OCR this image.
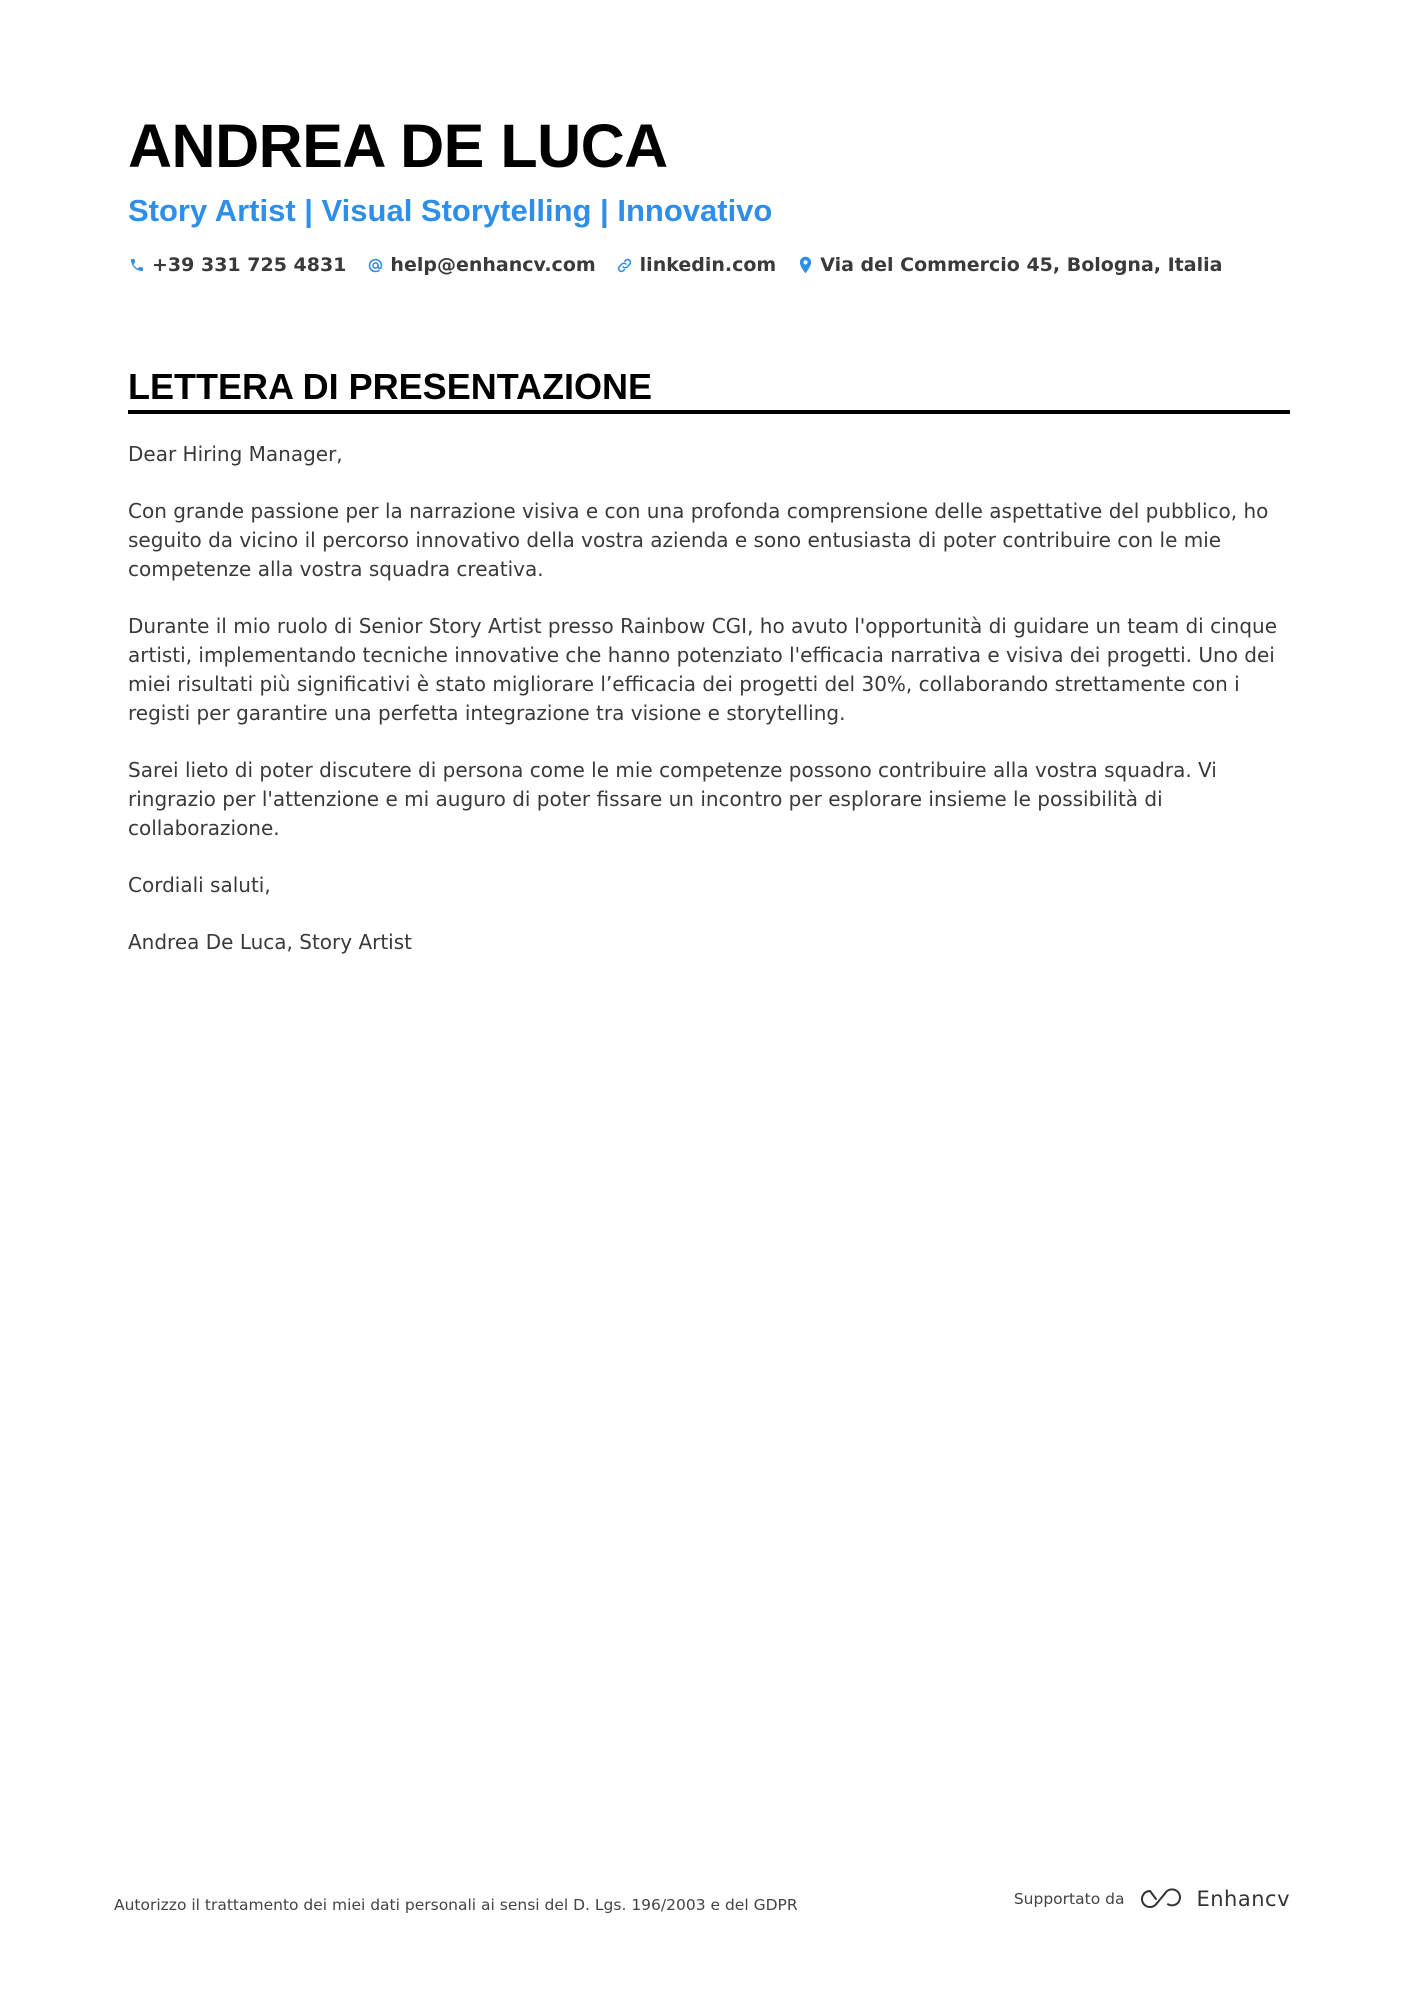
ANDREA DE LUCA
Story Artist | Visual Storytelling | Innovativo
+39 331 725 4831 help@enhancv.com linkedin.com Via del Commercio 45, Bologna, Italia
LETTERA DI PRESENTAZIONE

Dear Hiring Manager,

Con grande passione per la narrazione visiva e con una profonda comprensione delle aspettative del pubblico, ho seguito da vicino il percorso innovativo della vostra azienda e sono entusiasta di poter contribuire con le mie competenze alla vostra squadra creativa.

Durante il mio ruolo di Senior Story Artist presso Rainbow CGI, ho avuto l'opportunità di guidare un team di cinque artisti, implementando tecniche innovative che hanno potenziato l'efficacia narrativa e visiva dei progetti. Uno dei miei risultati più significativi è stato migliorare l’efficacia dei progetti del 30%, collaborando strettamente con i registi per garantire una perfetta integrazione tra visione e storytelling.

Sarei lieto di poter discutere di persona come le mie competenze possono contribuire alla vostra squadra. Vi ringrazio per l'attenzione e mi auguro di poter fissare un incontro per esplorare insieme le possibilità di collaborazione.

Cordiali saluti,

Andrea De Luca, Story Artist

Autorizzo il trattamento dei miei dati personali ai sensi del D. Lgs. 196/2003 e del GDPR	Supportato da	Enhancv
